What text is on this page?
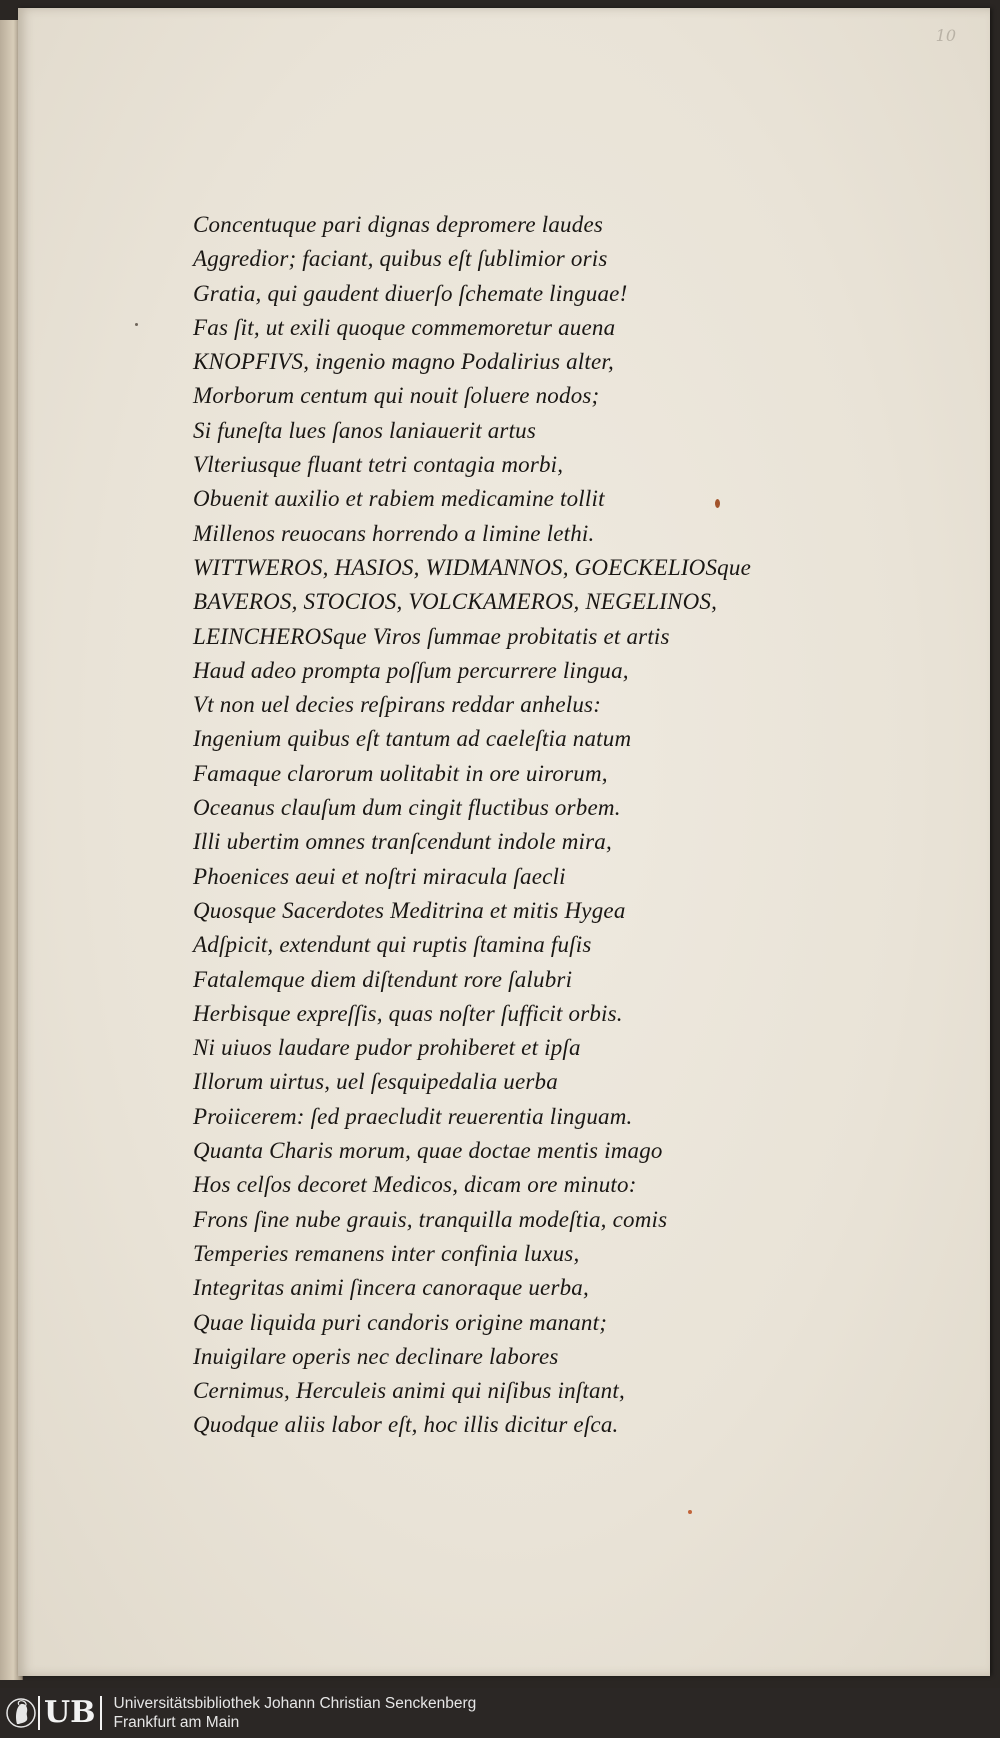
10
Concentuque pari dignas depromere laudes
Aggredior; faciant, quibus eſt ſublimior oris
Gratia, qui gaudent diuerſo ſchemate linguae!
Fas ſit, ut exili quoque commemoretur auena
KNOPFIVS, ingenio magno Podalirius alter,
Morborum centum qui nouit ſoluere nodos;
Si funeſta lues ſanos laniauerit artus
Vlteriusque fluant tetri contagia morbi,
Obuenit auxilio et rabiem medicamine tollit
Millenos reuocans horrendo a limine lethi.
WITTWEROS, HASIOS, WIDMANNOS, GOECKELIOSque
BAVEROS, STOCIOS, VOLCKAMEROS, NEGELINOS,
LEINCHEROSque Viros ſummae probitatis et artis
Haud adeo prompta poſſum percurrere lingua,
Vt non uel decies reſpirans reddar anhelus:
Ingenium quibus eſt tantum ad caeleſtia natum
Famaque clarorum uolitabit in ore uirorum,
Oceanus clauſum dum cingit fluctibus orbem.
Illi ubertim omnes tranſcendunt indole mira,
Phoenices aeui et noſtri miracula ſaecli
Quosque Sacerdotes Meditrina et mitis Hygea
Adſpicit, extendunt qui ruptis ſtamina fuſis
Fatalemque diem diſtendunt rore ſalubri
Herbisque expreſſis, quas noſter ſufficit orbis.
Ni uiuos laudare pudor prohiberet et ipſa
Illorum uirtus, uel ſesquipedalia uerba
Proiicerem: ſed praecludit reuerentia linguam.
Quanta Charis morum, quae doctae mentis imago
Hos celſos decoret Medicos, dicam ore minuto:
Frons ſine nube grauis, tranquilla modeſtia, comis
Temperies remanens inter confinia luxus,
Integritas animi ſincera canoraque uerba,
Quae liquida puri candoris origine manant;
Inuigilare operis nec declinare labores
Cernimus, Herculeis animi qui niſibus inſtant,
Quodque aliis labor eſt, hoc illis dicitur eſca.
UB	Universitätsbibliothek Johann Christian Senckenberg
Frankfurt am Main
